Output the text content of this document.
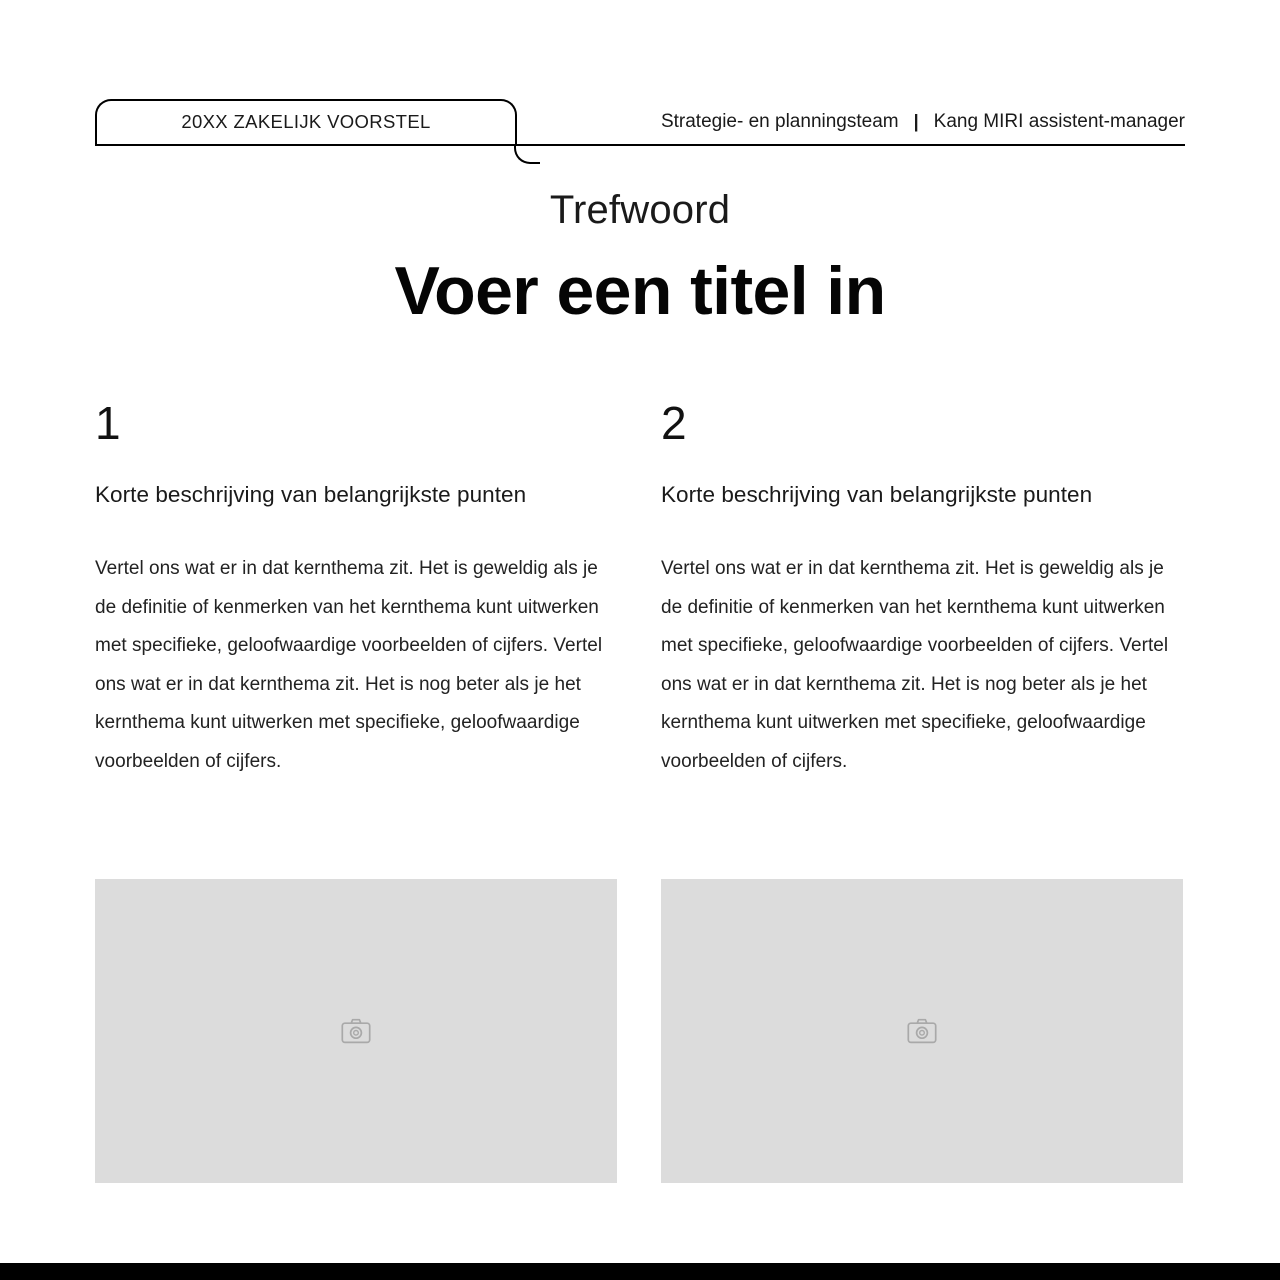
20XX ZAKELIJK VOORSTEL	Strategie- en planningsteam | Kang MIRI assistent-manager
Trefwoord
Voer een titel in
1
Korte beschrijving van belangrijkste punten
Vertel ons wat er in dat kernthema zit. Het is geweldig als je de definitie of kenmerken van het kernthema kunt uitwerken met specifieke, geloofwaardige voorbeelden of cijfers. Vertel ons wat er in dat kernthema zit. Het is nog beter als je het kernthema kunt uitwerken met specifieke, geloofwaardige voorbeelden of cijfers.
2
Korte beschrijving van belangrijkste punten
Vertel ons wat er in dat kernthema zit. Het is geweldig als je de definitie of kenmerken van het kernthema kunt uitwerken met specifieke, geloofwaardige voorbeelden of cijfers. Vertel ons wat er in dat kernthema zit. Het is nog beter als je het kernthema kunt uitwerken met specifieke, geloofwaardige voorbeelden of cijfers.
